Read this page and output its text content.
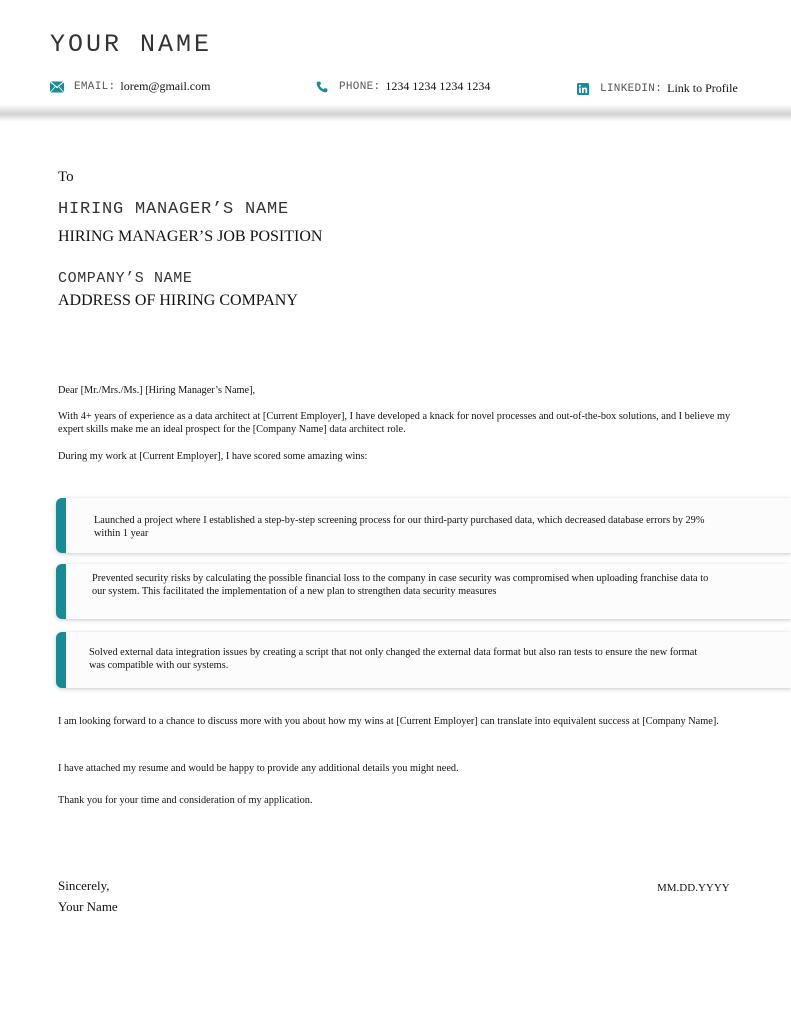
YOUR NAME
EMAIL: lorem@gmail.com	PHONE: 1234 1234 1234 1234	LINKEDIN: Link to Profile
To
HIRING MANAGER’S NAME
HIRING MANAGER’S JOB POSITION
COMPANY’S NAME
ADDRESS OF HIRING COMPANY

Dear [Mr./Mrs./Ms.] [Hiring Manager’s Name],

With 4+ years of experience as a data architect at [Current Employer], I have developed a knack for novel processes and out-of-the-box solutions, and I believe my expert skills make me an ideal prospect for the [Company Name] data architect role.

During my work at [Current Employer], I have scored some amazing wins:

Launched a project where I established a step-by-step screening process for our third-party purchased data, which decreased database errors by 29% within 1 year
Prevented security risks by calculating the possible financial loss to the company in case security was compromised when uploading franchise data to our system. This facilitated the implementation of a new plan to strengthen data security measures
Solved external data integration issues by creating a script that not only changed the external data format but also ran tests to ensure the new format was compatible with our systems.

I am looking forward to a chance to discuss more with you about how my wins at [Current Employer] can translate into equivalent success at [Company Name].

I have attached my resume and would be happy to provide any additional details you might need.

Thank you for your time and consideration of my application.

Sincerely,
Your Name
MM.DD.YYYY
